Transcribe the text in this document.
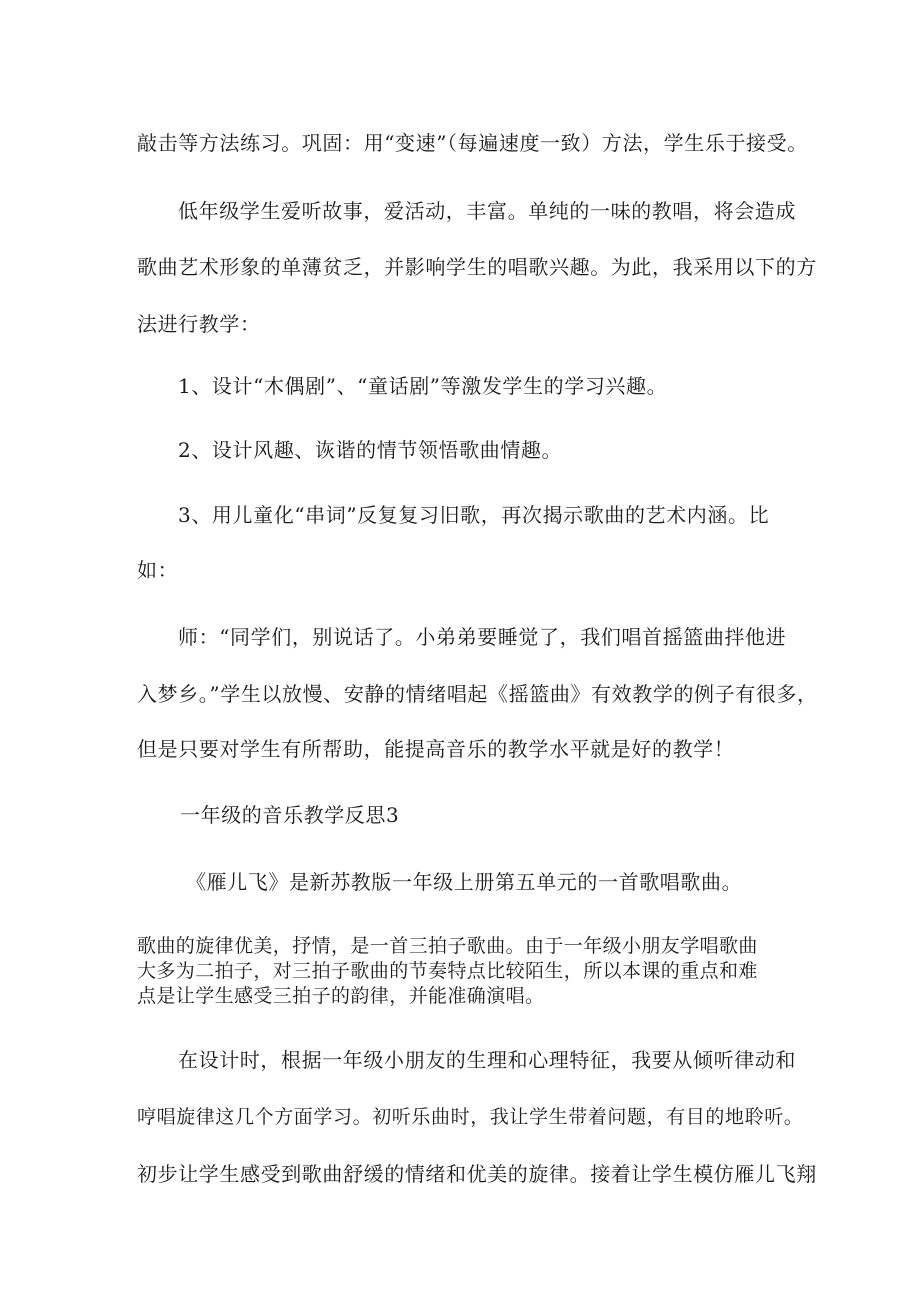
敲击等方法练习。巩固：用“变速”（每遍速度一致）方法，学生乐于接受。
低年级学生爱听故事，爱活动，丰富。单纯的一味的教唱，将会造成
歌曲艺术形象的单薄贫乏，并影响学生的唱歌兴趣。为此，我采用以下的方
法进行教学：
1、设计“木偶剧”、“童话剧”等激发学生的学习兴趣。
2、设计风趣、诙谐的情节领悟歌曲情趣。
3、用儿童化“串词”反复复习旧歌，再次揭示歌曲的艺术内涵。比
如：
师：“同学们，别说话了。小弟弟要睡觉了，我们唱首摇篮曲拌他进
入梦乡。”学生以放慢、安静的情绪唱起《摇篮曲》有效教学的例子有很多，
但是只要对学生有所帮助，能提高音乐的教学水平就是好的教学！
一年级的音乐教学反思3
《雁儿飞》是新苏教版一年级上册第五单元的一首歌唱歌曲。
歌曲的旋律优美，抒情，是一首三拍子歌曲。由于一年级小朋友学唱歌曲
大多为二拍子，对三拍子歌曲的节奏特点比较陌生，所以本课的重点和难
点是让学生感受三拍子的韵律，并能准确演唱。
在设计时，根据一年级小朋友的生理和心理特征，我要从倾听律动和
哼唱旋律这几个方面学习。初听乐曲时，我让学生带着问题，有目的地聆听。
初步让学生感受到歌曲舒缓的情绪和优美的旋律。接着让学生模仿雁儿飞翔
